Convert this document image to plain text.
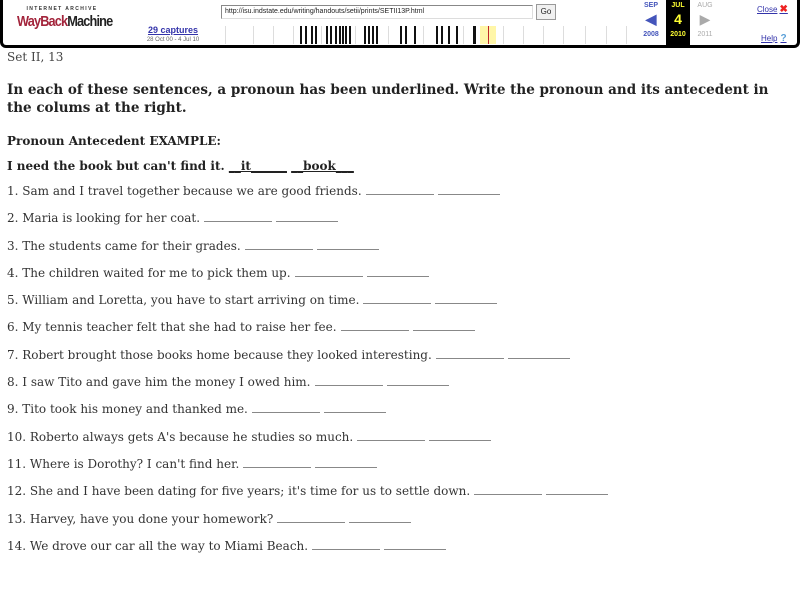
INTERNET ARCHIVE
WayBackMachine	29 captures
28 Oct 00 - 4 Jul 10
http://isu.indstate.edu/writing/handouts/setii/prints/SETII13P.html	Go
SEP
◀
2008
JUL
4
2010
AUG
▶
2011
Close ✖
Help ?
Set II, 13
In each of these sentences, a pronoun has been underlined. Write the pronoun and its antecedent in the colums at the right.
Pronoun Antecedent EXAMPLE:
I need the book but can't find it. __it______ __book___
1. Sam and I travel together because we are good friends.
2. Maria is looking for her coat.
3. The students came for their grades.
4. The children waited for me to pick them up.
5. William and Loretta, you have to start arriving on time.
6. My tennis teacher felt that she had to raise her fee.
7. Robert brought those books home because they looked interesting.
8. I saw Tito and gave him the money I owed him.
9. Tito took his money and thanked me.
10. Roberto always gets A's because he studies so much.
11. Where is Dorothy? I can't find her.
12. She and I have been dating for five years; it's time for us to settle down.
13. Harvey, have you done your homework?
14. We drove our car all the way to Miami Beach.
